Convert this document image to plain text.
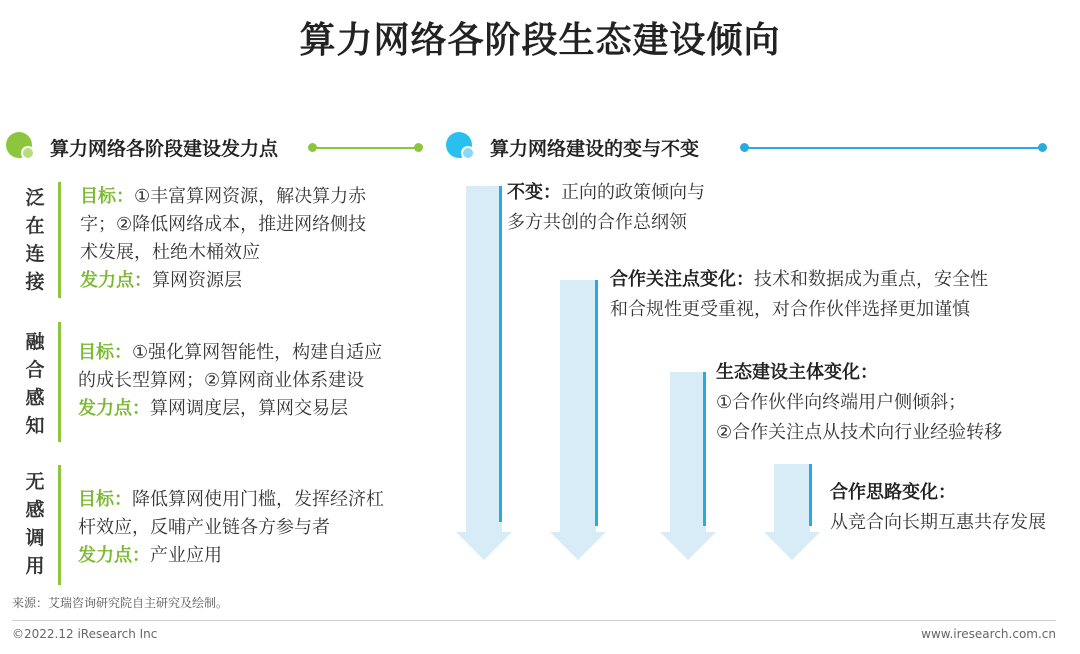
算力网络各阶段生态建设倾向
算力网络各阶段建设发力点
泛
在
连
接
目标：①丰富算网资源，解决算力赤
字；②降低网络成本，推进网络侧技
术发展，杜绝木桶效应
发力点：算网资源层
融
合
感
知
目标：①强化算网智能性，构建自适应
的成长型算网；②算网商业体系建设
发力点：算网调度层，算网交易层
无
感
调
用
目标：降低算网使用门槛，发挥经济杠
杆效应，反哺产业链各方参与者
发力点：产业应用
算力网络建设的变与不变
不变：正向的政策倾向与
多方共创的合作总纲领
合作关注点变化：技术和数据成为重点，安全性
和合规性更受重视，对合作伙伴选择更加谨慎
生态建设主体变化：
①合作伙伴向终端用户侧倾斜；
②合作关注点从技术向行业经验转移
合作思路变化：
从竞合向长期互惠共存发展
来源：艾瑞咨询研究院自主研究及绘制。
©2022.12 iResearch Inc	www.iresearch.com.cn
